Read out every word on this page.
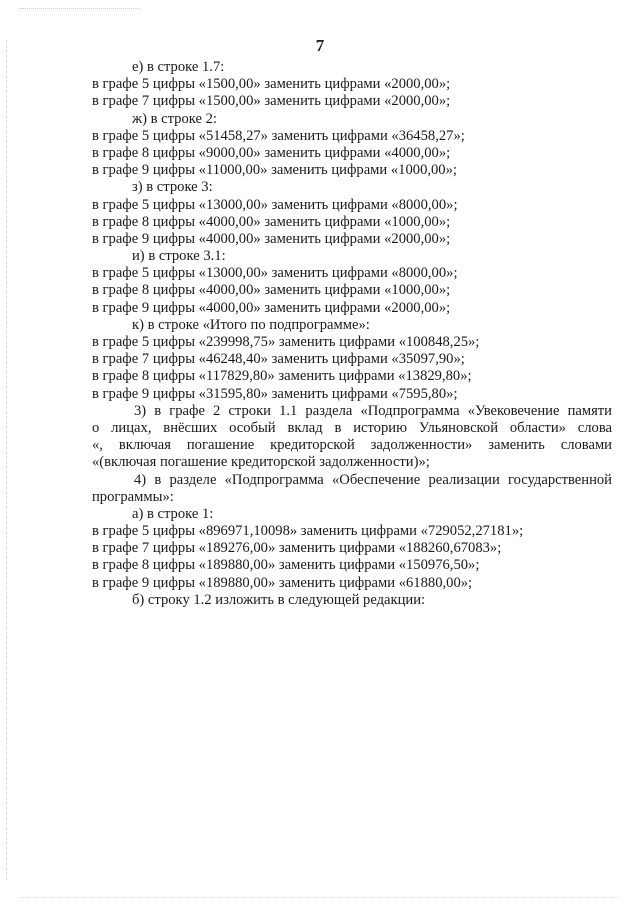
7
е) в строке 1.7:
в графе 5 цифры «1500,00» заменить цифрами «2000,00»;
в графе 7 цифры «1500,00» заменить цифрами «2000,00»;
ж) в строке 2:
в графе 5 цифры «51458,27» заменить цифрами «36458,27»;
в графе 8 цифры «9000,00» заменить цифрами «4000,00»;
в графе 9 цифры «11000,00» заменить цифрами «1000,00»;
з) в строке 3:
в графе 5 цифры «13000,00» заменить цифрами «8000,00»;
в графе 8 цифры «4000,00» заменить цифрами «1000,00»;
в графе 9 цифры «4000,00» заменить цифрами «2000,00»;
и) в строке 3.1:
в графе 5 цифры «13000,00» заменить цифрами «8000,00»;
в графе 8 цифры «4000,00» заменить цифрами «1000,00»;
в графе 9 цифры «4000,00» заменить цифрами «2000,00»;
к) в строке «Итого по подпрограмме»:
в графе 5 цифры «239998,75» заменить цифрами «100848,25»;
в графе 7 цифры «46248,40» заменить цифрами «35097,90»;
в графе 8 цифры «117829,80» заменить цифрами «13829,80»;
в графе 9 цифры «31595,80» заменить цифрами «7595,80»;
3) в графе 2 строки 1.1 раздела «Подпрограмма «Увековечение памяти
о лицах, внёсших особый вклад в историю Ульяновской области» слова
«, включая погашение кредиторской задолженности» заменить словами
«(включая погашение кредиторской задолженности)»;
4) в разделе «Подпрограмма «Обеспечение реализации государственной
программы»:
а) в строке 1:
в графе 5 цифры «896971,10098» заменить цифрами «729052,27181»;
в графе 7 цифры «189276,00» заменить цифрами «188260,67083»;
в графе 8 цифры «189880,00» заменить цифрами «150976,50»;
в графе 9 цифры «189880,00» заменить цифрами «61880,00»;
б) строку 1.2 изложить в следующей редакции:
